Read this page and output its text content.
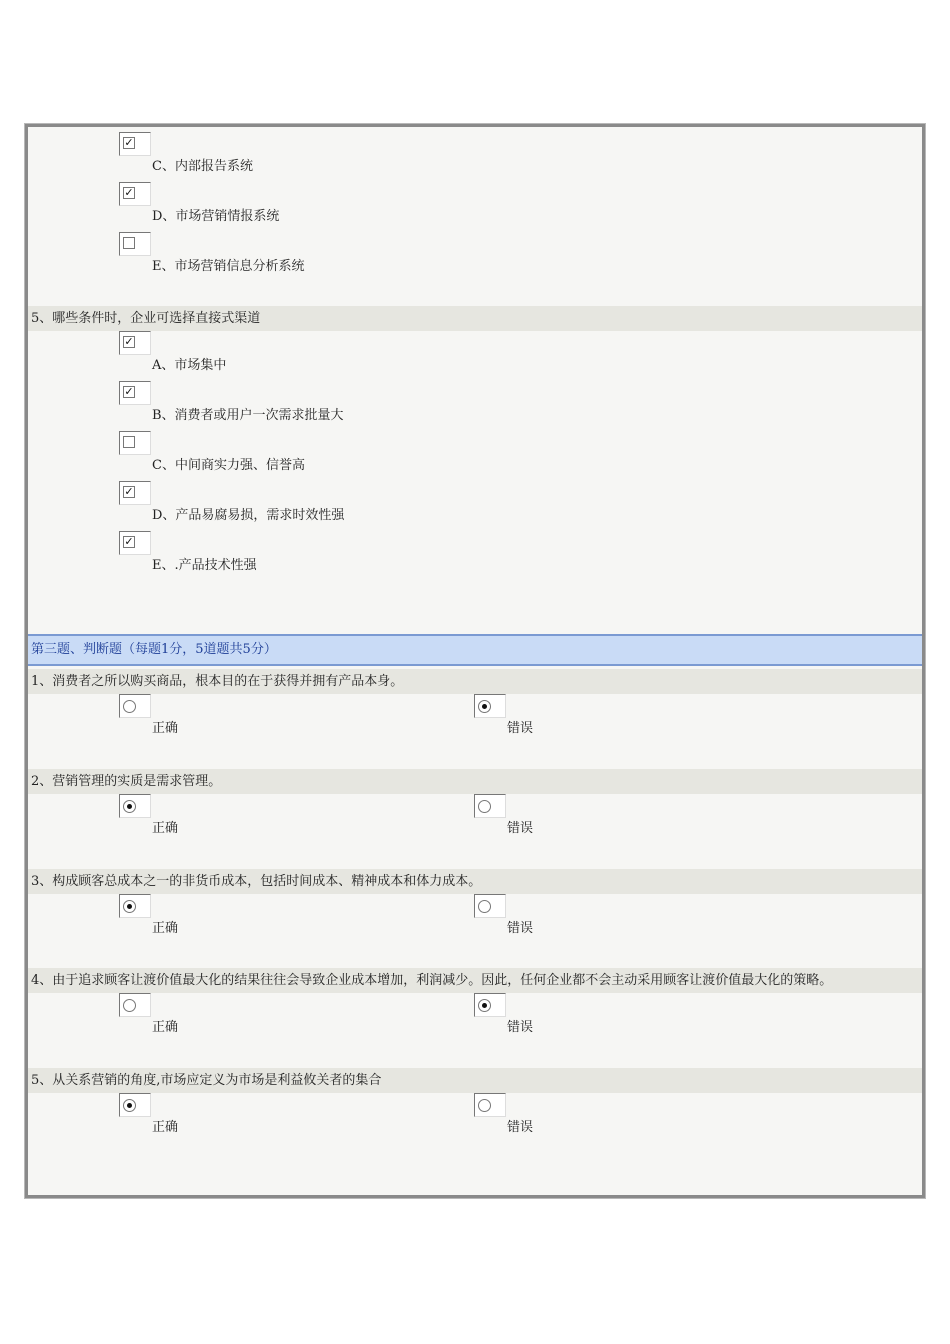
✓
C、内部报告系统
✓
D、市场营销情报系统
E、市场营销信息分析系统
5、哪些条件时，企业可选择直接式渠道
✓
A、市场集中
✓
B、消费者或用户一次需求批量大
C、中间商实力强、信誉高
✓
D、产品易腐易损，需求时效性强
✓
E、.产品技术性强
第三题、判断题（每题1分，5道题共5分）
1、消费者之所以购买商品，根本目的在于获得并拥有产品本身。
正确	错误
2、营销管理的实质是需求管理。
正确	错误
3、构成顾客总成本之一的非货币成本，包括时间成本、精神成本和体力成本。
正确	错误
4、由于追求顾客让渡价值最大化的结果往往会导致企业成本增加，利润减少。因此，任何企业都不会主动采用顾客让渡价值最大化的策略。
正确	错误
5、从关系营销的角度,市场应定义为市场是利益攸关者的集合
正确	错误
